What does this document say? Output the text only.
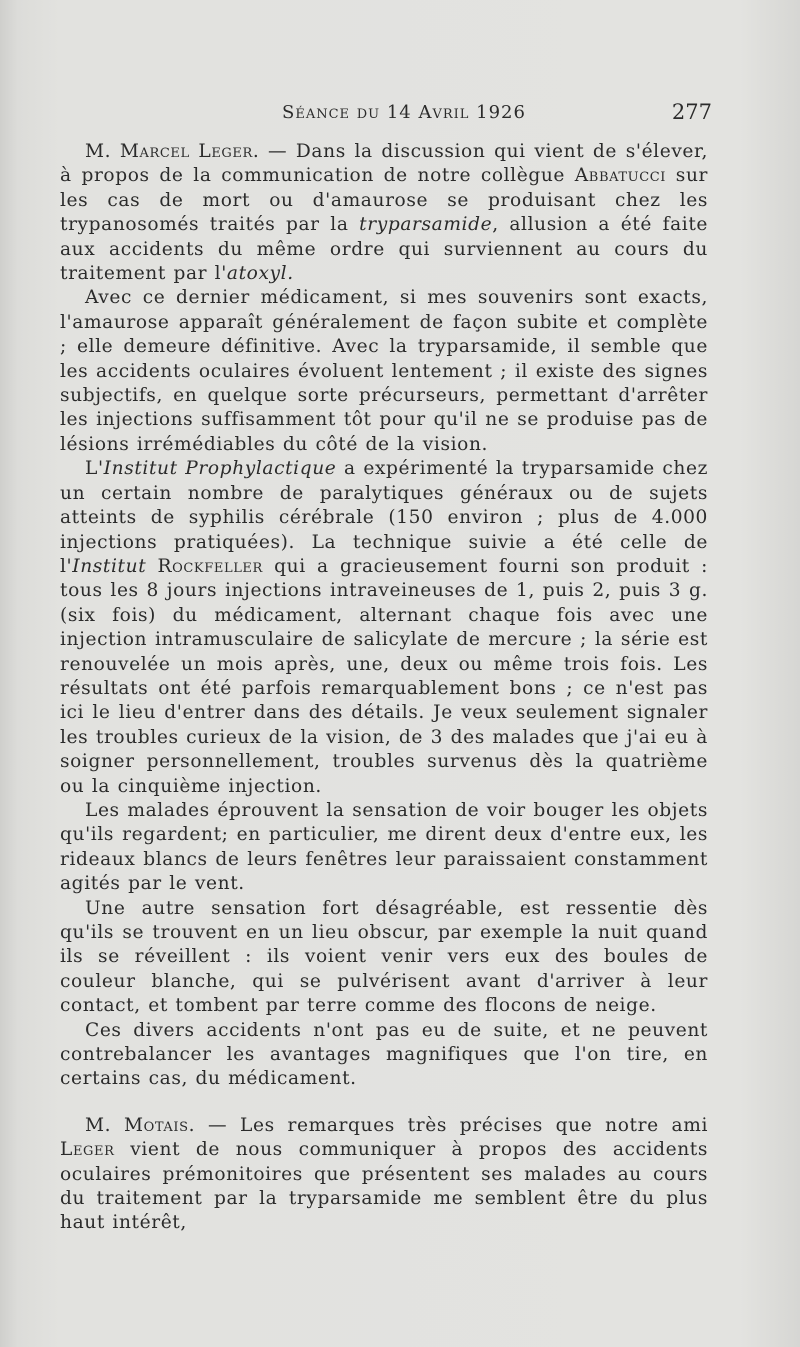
Séance du 14 Avril 1926	277

M. Marcel Leger. — Dans la discussion qui vient de s'élever, à propos de la communication de notre collègue Abbatucci sur les cas de mort ou d'amaurose se produisant chez les trypanosomés traités par la tryparsamide, allusion a été faite aux accidents du même ordre qui surviennent au cours du traitement par l'atoxyl.

Avec ce dernier médicament, si mes souvenirs sont exacts, l'amaurose apparaît généralement de façon subite et complète ; elle demeure définitive. Avec la tryparsamide, il semble que les accidents oculaires évoluent lentement ; il existe des signes subjectifs, en quelque sorte précurseurs, permettant d'arrêter les injections suffisamment tôt pour qu'il ne se produise pas de lésions irrémédiables du côté de la vision.

L'Institut Prophylactique a expérimenté la tryparsamide chez un certain nombre de paralytiques généraux ou de sujets atteints de syphilis cérébrale (150 environ ; plus de 4.000 injections pratiquées). La technique suivie a été celle de l'Institut Rockfeller qui a gracieusement fourni son produit : tous les 8 jours injections intraveineuses de 1, puis 2, puis 3 g. (six fois) du médicament, alternant chaque fois avec une injection intramusculaire de salicylate de mercure ; la série est renouvelée un mois après, une, deux ou même trois fois. Les résultats ont été parfois remarquablement bons ; ce n'est pas ici le lieu d'entrer dans des détails. Je veux seulement signaler les troubles curieux de la vision, de 3 des malades que j'ai eu à soigner personnellement, troubles survenus dès la quatrième ou la cinquième injection.

Les malades éprouvent la sensation de voir bouger les objets qu'ils regardent; en particulier, me dirent deux d'entre eux, les rideaux blancs de leurs fenêtres leur paraissaient constamment agités par le vent.

Une autre sensation fort désagréable, est ressentie dès qu'ils se trouvent en un lieu obscur, par exemple la nuit quand ils se réveillent : ils voient venir vers eux des boules de couleur blanche, qui se pulvérisent avant d'arriver à leur contact, et tombent par terre comme des flocons de neige.

Ces divers accidents n'ont pas eu de suite, et ne peuvent contrebalancer les avantages magnifiques que l'on tire, en certains cas, du médicament.

M. Motais. — Les remarques très précises que notre ami Leger vient de nous communiquer à propos des accidents oculaires prémonitoires que présentent ses malades au cours du traitement par la tryparsamide me semblent être du plus haut intérêt,
